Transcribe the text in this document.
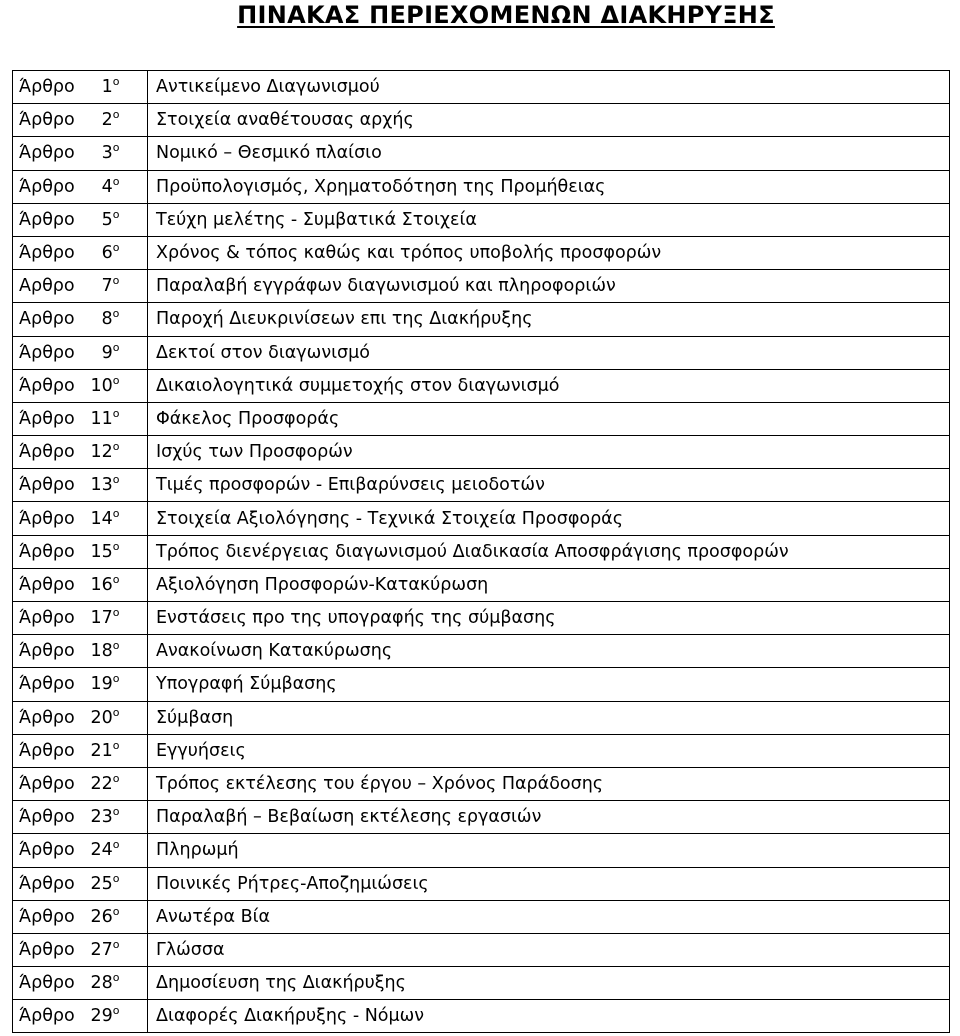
ΠΙΝΑΚΑΣ ΠΕΡΙΕΧΟΜΕΝΩΝ ΔΙΑΚΗΡΥΞΗΣ
Άρθρο $1^o$	Αντικείμενο Διαγωνισμού
Άρθρο $2^o$	Στοιχεία αναθέτουσας αρχής
Άρθρο $3^o$	Νομικό – Θεσμικό πλαίσιο
Άρθρο $4^o$	Προϋπολογισμός, Χρηματοδότηση της Προμήθειας
Άρθρο $5^o$	Τεύχη μελέτης - Συμβατικά Στοιχεία
Άρθρο $6^o$	Χρόνος & τόπος καθώς και τρόπος υποβολής προσφορών
Αρθρο $7^o$	Παραλαβή εγγράφων διαγωνισμού και πληροφοριών
Αρθρο $8^o$	Παροχή Διευκρινίσεων επι της Διακήρυξης
Άρθρο $9^o$	Δεκτοί στον διαγωνισμό
Άρθρο $10^o$	Δικαιολογητικά συμμετοχής στον διαγωνισμό
Άρθρο $11^o$	Φάκελος Προσφοράς
Άρθρο $12^o$	Ισχύς των Προσφορών
Άρθρο $13^o$	Τιμές προσφορών - Επιβαρύνσεις μειοδοτών
Άρθρο $14^o$	Στοιχεία Αξιολόγησης - Τεχνικά Στοιχεία Προσφοράς
Άρθρο $15^o$	Τρόπος διενέργειας διαγωνισμού Διαδικασία Αποσφράγισης προσφορών
Άρθρο $16^o$	Αξιολόγηση Προσφορών-Κατακύρωση
Άρθρο $17^o$	Ενστάσεις προ της υπογραφής της σύμβασης
Άρθρο $18^o$	Ανακοίνωση Κατακύρωσης
Άρθρο $19^o$	Υπογραφή Σύμβασης
Άρθρο $20^o$	Σύμβαση
Άρθρο $21^o$	Εγγυήσεις
Άρθρο $22^o$	Τρόπος εκτέλεσης του έργου – Χρόνος Παράδοσης
Άρθρο $23^o$	Παραλαβή – Βεβαίωση εκτέλεσης εργασιών
Άρθρο $24^o$	Πληρωμή
Άρθρο $25^o$	Ποινικές Ρήτρες-Αποζημιώσεις
Άρθρο $26^o$	Ανωτέρα Βία
Άρθρο $27^o$	Γλώσσα
Άρθρο $28^o$	Δημοσίευση της Διακήρυξης
Άρθρο $29^o$	Διαφορές Διακήρυξης - Νόμων
